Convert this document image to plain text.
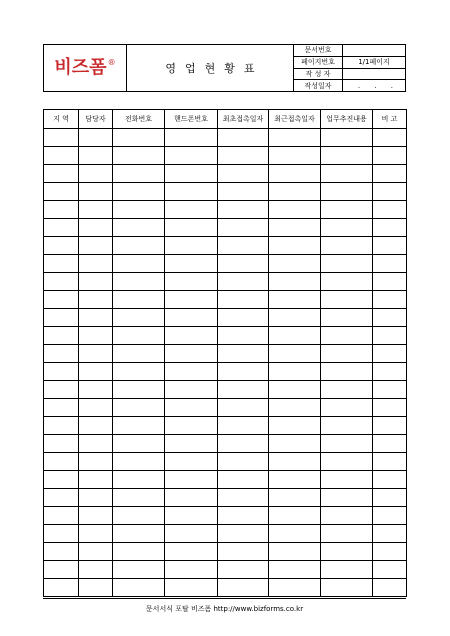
비즈폼 ®	영업현황표
문서번호
페이지번호	1/1페이지
작 성 자
작성일자	. . .
지 역	담당자	전화번호	핸드폰번호	최초접촉일자	최근접촉일자	업무추진내용	비 고

문서서식 포탈 비즈폼 http://www.bizforms.co.kr
